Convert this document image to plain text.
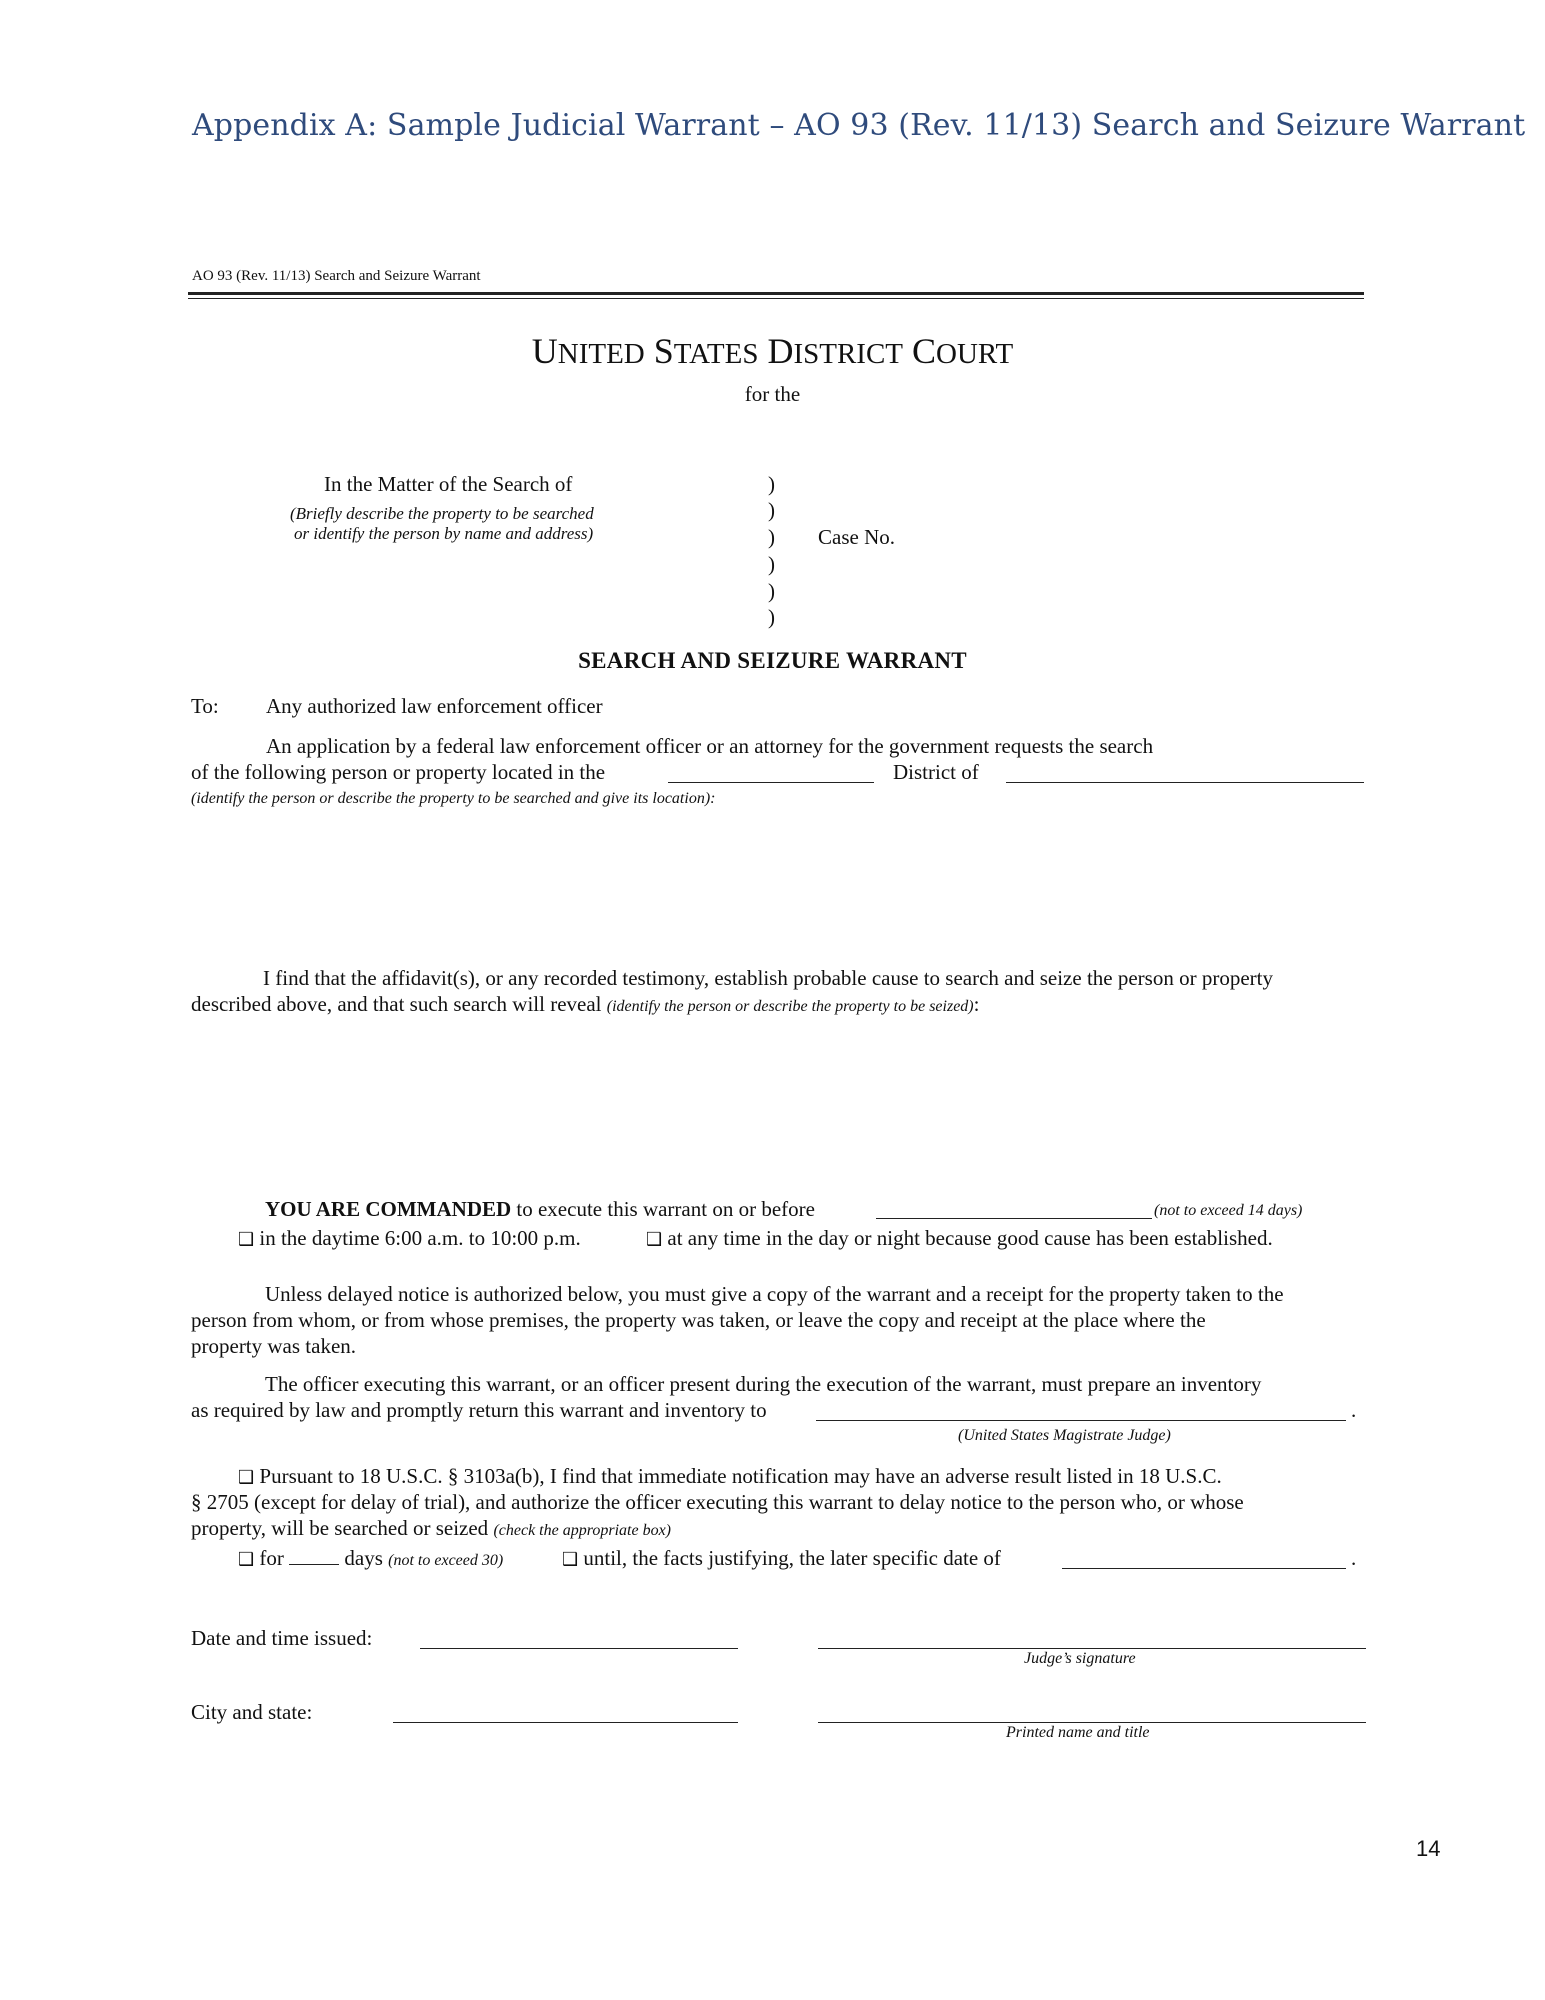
Appendix A: Sample Judicial Warrant – AO 93 (Rev. 11/13) Search and Seizure Warrant
AO 93 (Rev. 11/13) Search and Seizure Warrant
UNITED STATES DISTRICT COURT
for the
In the Matter of the Search of
(Briefly describe the property to be searched
or identify the person by name and address)
)
)
)
)
)
)
Case No.
SEARCH AND SEIZURE WARRANT
To: Any authorized law enforcement officer
An application by a federal law enforcement officer or an attorney for the government requests the search
of the following person or property located in the	District of
(identify the person or describe the property to be searched and give its location):
I find that the affidavit(s), or any recorded testimony, establish probable cause to search and seize the person or property
described above, and that such search will reveal (identify the person or describe the property to be seized):
YOU ARE COMMANDED to execute this warrant on or before	(not to exceed 14 days)
❑ in the daytime 6:00 a.m. to 10:00 p.m.	❑ at any time in the day or night because good cause has been established.
Unless delayed notice is authorized below, you must give a copy of the warrant and a receipt for the property taken to the
person from whom, or from whose premises, the property was taken, or leave the copy and receipt at the place where the
property was taken.
The officer executing this warrant, or an officer present during the execution of the warrant, must prepare an inventory
as required by law and promptly return this warrant and inventory to	.
(United States Magistrate Judge)
❑ Pursuant to 18 U.S.C. § 3103a(b), I find that immediate notification may have an adverse result listed in 18 U.S.C.
§ 2705 (except for delay of trial), and authorize the officer executing this warrant to delay notice to the person who, or whose
property, will be searched or seized (check the appropriate box)
❑ for	days (not to exceed 30)	❑ until, the facts justifying, the later specific date of	.
Date and time issued:
Judge’s signature
City and state:
Printed name and title
14
